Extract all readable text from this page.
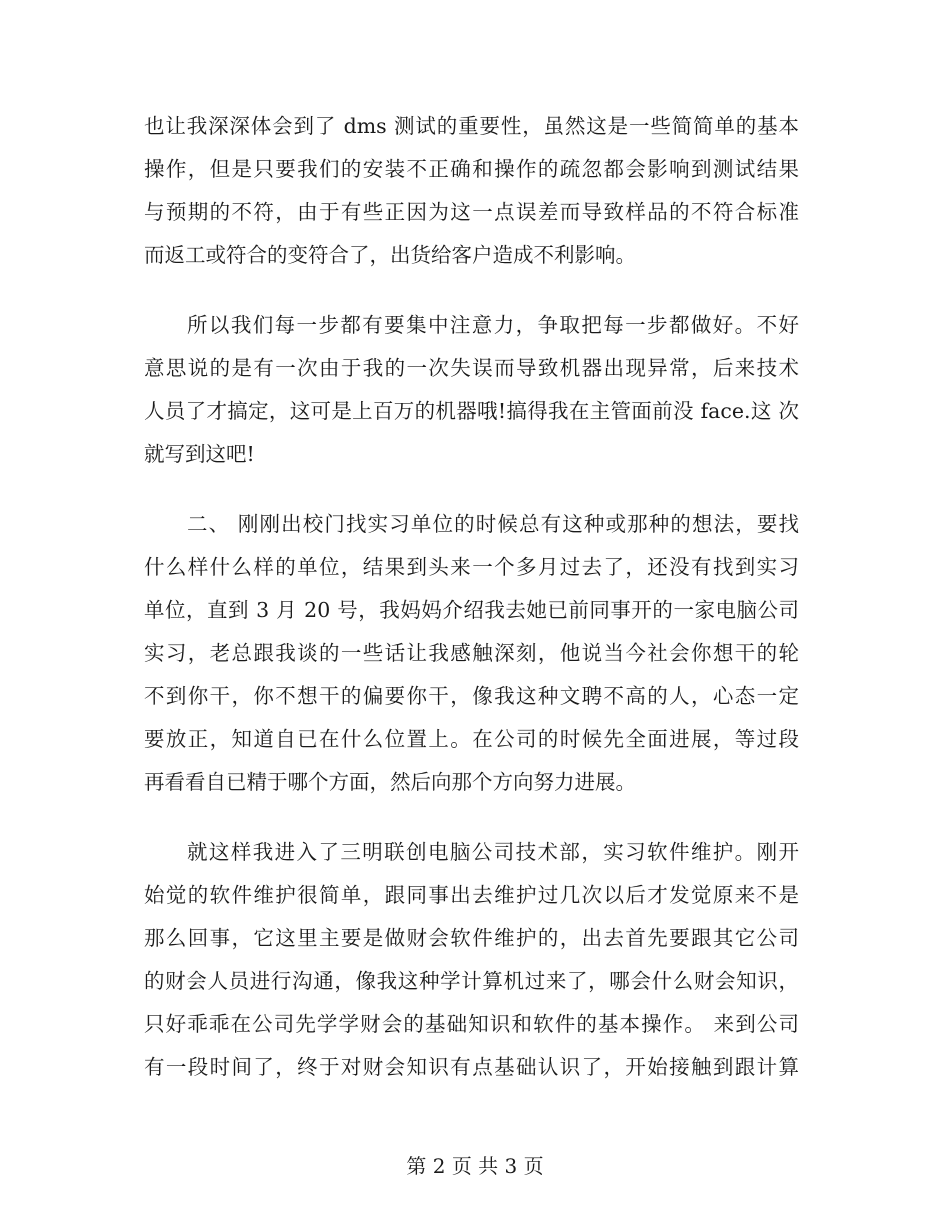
也让我深深体会到了 dms 测试的重要性，虽然这是一些简简单的基本
操作，但是只要我们的安装不正确和操作的疏忽都会影响到测试结果
与预期的不符，由于有些正因为这一点误差而导致样品的不符合标准
而返工或符合的变符合了，出货给客户造成不利影响。
所以我们每一步都有要集中注意力，争取把每一步都做好。不好
意思说的是有一次由于我的一次失误而导致机器出现异常，后来技术
人员了才搞定，这可是上百万的机器哦!搞得我在主管面前没 face.这 次
就写到这吧!
二、 刚刚出校门找实习单位的时候总有这种或那种的想法，要找
什么样什么样的单位，结果到头来一个多月过去了，还没有找到实习
单位，直到 3 月 20 号，我妈妈介绍我去她已前同事开的一家电脑公司
实习，老总跟我谈的一些话让我感触深刻，他说当今社会你想干的轮
不到你干，你不想干的偏要你干，像我这种文聘不高的人，心态一定
要放正，知道自已在什么位置上。在公司的时候先全面进展，等过段
再看看自已精于哪个方面，然后向那个方向努力进展。
就这样我进入了三明联创电脑公司技术部，实习软件维护。刚开
始觉的软件维护很简单，跟同事出去维护过几次以后才发觉原来不是
那么回事，它这里主要是做财会软件维护的，出去首先要跟其它公司
的财会人员进行沟通，像我这种学计算机过来了，哪会什么财会知识，
只好乖乖在公司先学学财会的基础知识和软件的基本操作。 来到公司
有一段时间了，终于对财会知识有点基础认识了，开始接触到跟计算
第 2 页 共 3 页
